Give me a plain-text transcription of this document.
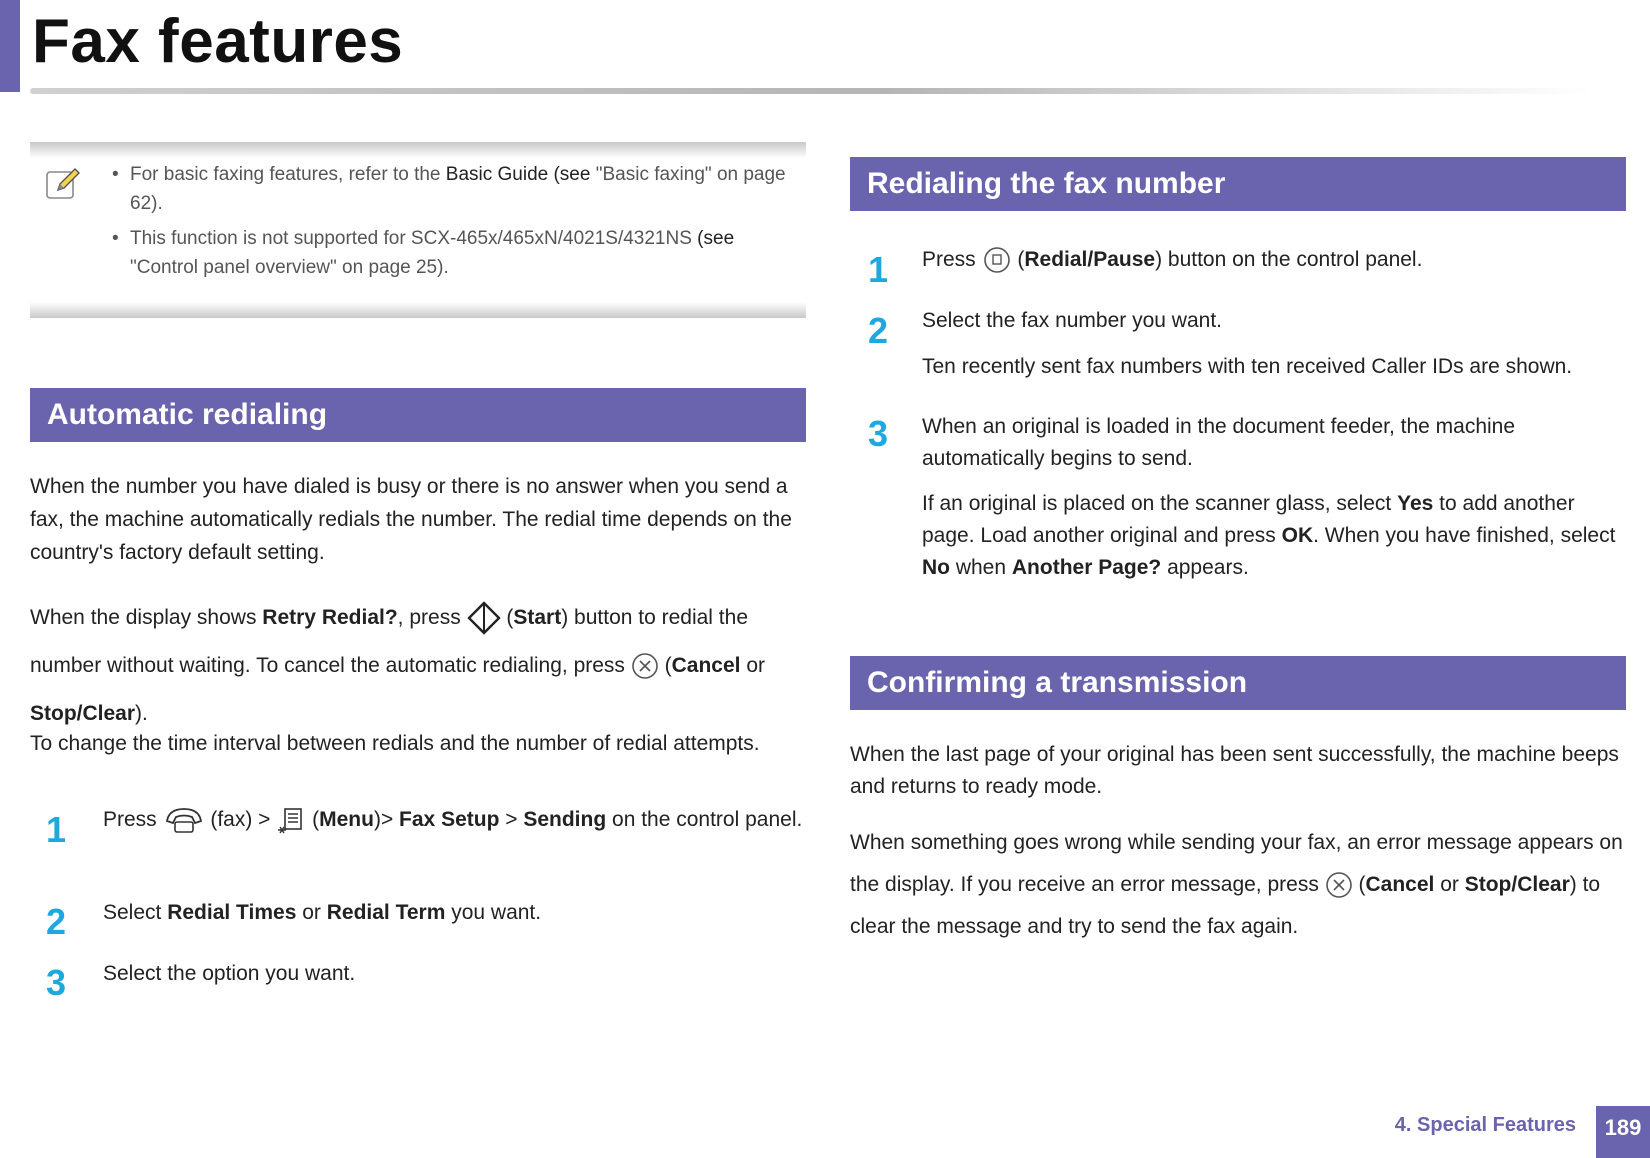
Fax features
• For basic faxing features, refer to the Basic Guide (see "Basic faxing" on page 62).
• This function is not supported for SCX-465x/465xN/4021S/4321NS (see "Control panel overview" on page 25).
Automatic redialing
When the number you have dialed is busy or there is no answer when you send a fax, the machine automatically redials the number. The redial time depends on the country's factory default setting.
When the display shows Retry Redial?, press  (Start) button to redial the number without waiting. To cancel the automatic redialing, press  (Cancel or Stop/Clear).
To change the time interval between redials and the number of redial attempts.
1 Press  (fax) >  (Menu)> Fax Setup > Sending on the control panel.
2 Select Redial Times or Redial Term you want.
3 Select the option you want.
Redialing the fax number
1 Press  (Redial/Pause) button on the control panel.
2 Select the fax number you want.
Ten recently sent fax numbers with ten received Caller IDs are shown.
3 When an original is loaded in the document feeder, the machine automatically begins to send.
If an original is placed on the scanner glass, select Yes to add another page. Load another original and press OK. When you have finished, select No when Another Page? appears.
Confirming a transmission
When the last page of your original has been sent successfully, the machine beeps and returns to ready mode.
When something goes wrong while sending your fax, an error message appears on the display. If you receive an error message, press  (Cancel or Stop/Clear) to clear the message and try to send the fax again.
4. Special Features	189
